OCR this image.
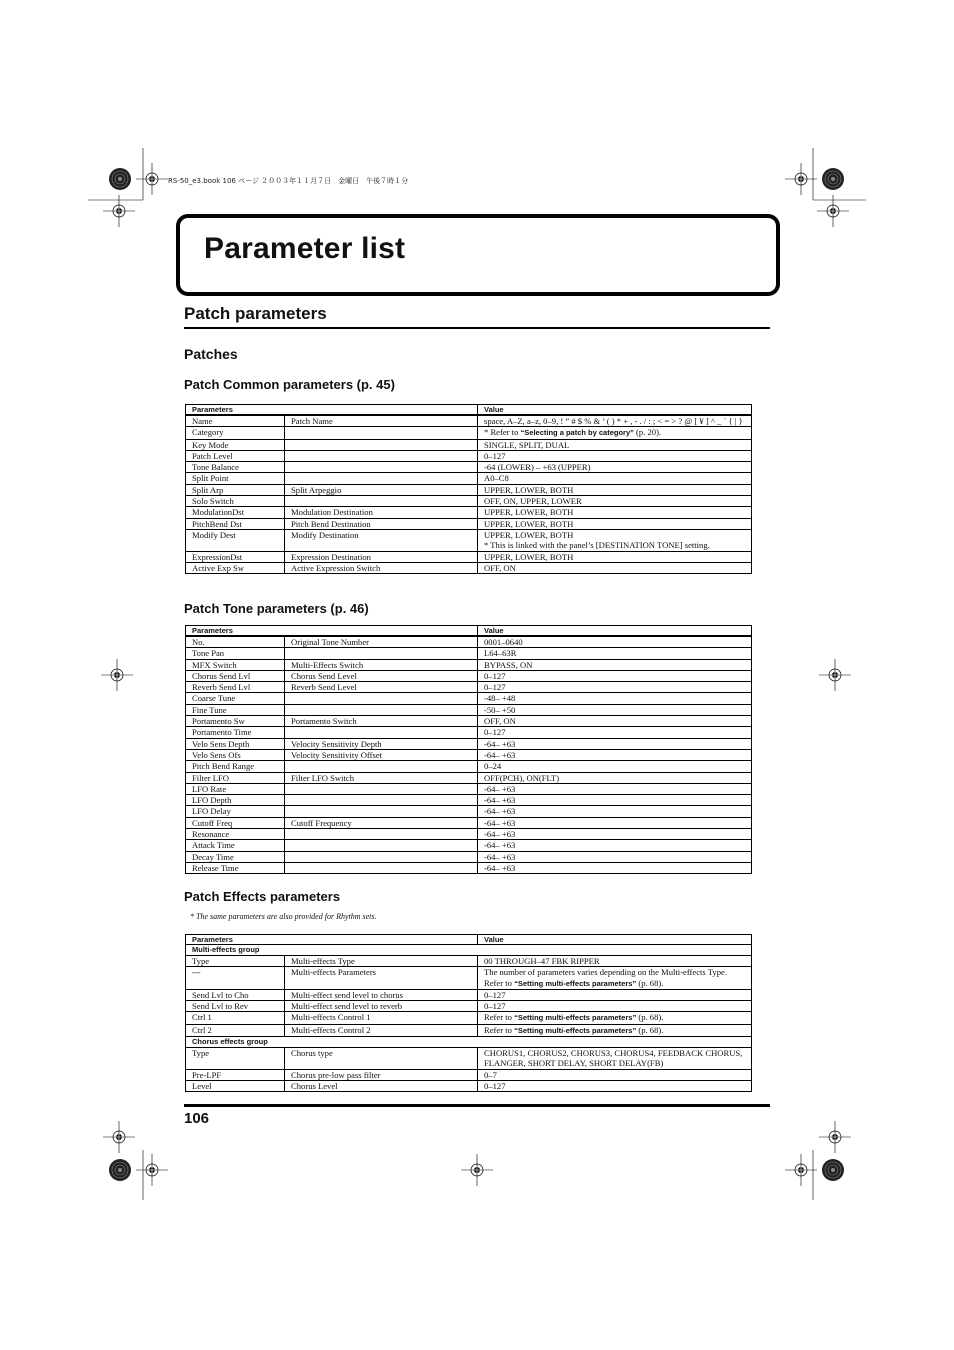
RS-50_e3.book 106 ページ ２００３年１１月７日　金曜日　午後７時１分
Parameter list
Patch parameters
Patches
Patch Common parameters (p. 45)
Parameters		Value
Name	Patch Name	space, A–Z, a–z, 0–9, ! ” # $ % & ’ ( ) * + , - . / : ; < = > ? @ [ ¥ ] ^ _ ` { | }
Category		* Refer to “Selecting a patch by category” (p. 20).
Key Mode		SINGLE, SPLIT, DUAL
Patch Level		0–127
Tone Balance		-64 (LOWER) – +63 (UPPER)
Split Point		A0–C8
Split Arp	Split Arpeggio	UPPER, LOWER, BOTH
Solo Switch		OFF, ON, UPPER, LOWER
ModulationDst	Modulation Destination	UPPER, LOWER, BOTH
PitchBend Dst	Pitch Bend Destination	UPPER, LOWER, BOTH
Modify Dest	Modify Destination	UPPER, LOWER, BOTH
* This is linked with the panel’s [DESTINATION TONE] setting.

ExpressionDst	Expression Destination	UPPER, LOWER, BOTH
Active Exp Sw	Active Expression Switch	OFF, ON
Patch Tone parameters (p. 46)
Parameters		Value
No.	Original Tone Number	0001–0640
Tone Pan		L64–63R
MFX Switch	Multi-Effects Switch	BYPASS, ON
Chorus Send Lvl	Chorus Send Level	0–127
Reverb Send Lvl	Reverb Send Level	0–127
Coarse Tune		-48– +48
Fine Tune		-50– +50
Portamento Sw	Portamento Switch	OFF, ON
Portamento Time		0–127
Velo Sens Depth	Velocity Sensitivity Depth	-64– +63
Velo Sens Ofs	Velocity Sensitivity Offset	-64– +63
Pitch Bend Range		0–24
Filter LFO	Filter LFO Switch	OFF(PCH), ON(FLT)
LFO Rate		-64– +63
LFO Depth		-64– +63
LFO Delay		-64– +63
Cutoff Freq	Cutoff Frequency	-64– +63
Resonance		-64– +63
Attack Time		-64– +63
Decay Time		-64– +63
Release Time		-64– +63
Patch Effects parameters
* The same parameters are also provided for Rhythm sets.
Parameters		Value
Multi-effects group		
Type	Multi-effects Type	00 THROUGH–47 FBK RIPPER
---	Multi-effects Parameters	The number of parameters varies depending on the Multi-effects Type. Refer to “Setting multi-effects parameters” (p. 68).
Send Lvl to Cho	Multi-effect send level to chorus	0–127
Send Lvl to Rev	Multi-effect send level to reverb	0–127
Ctrl 1	Multi-effects Control 1	Refer to “Setting multi-effects parameters” (p. 68).
Ctrl 2	Multi-effects Control 2	Refer to “Setting multi-effects parameters” (p. 68).
Chorus effects group		
Type	Chorus type	CHORUS1, CHORUS2, CHORUS3, CHORUS4, FEEDBACK CHORUS, FLANGER, SHORT DELAY, SHORT DELAY(FB)
Pre-LPF	Chorus pre-low pass filter	0–7
Level	Chorus Level	0–127
106
